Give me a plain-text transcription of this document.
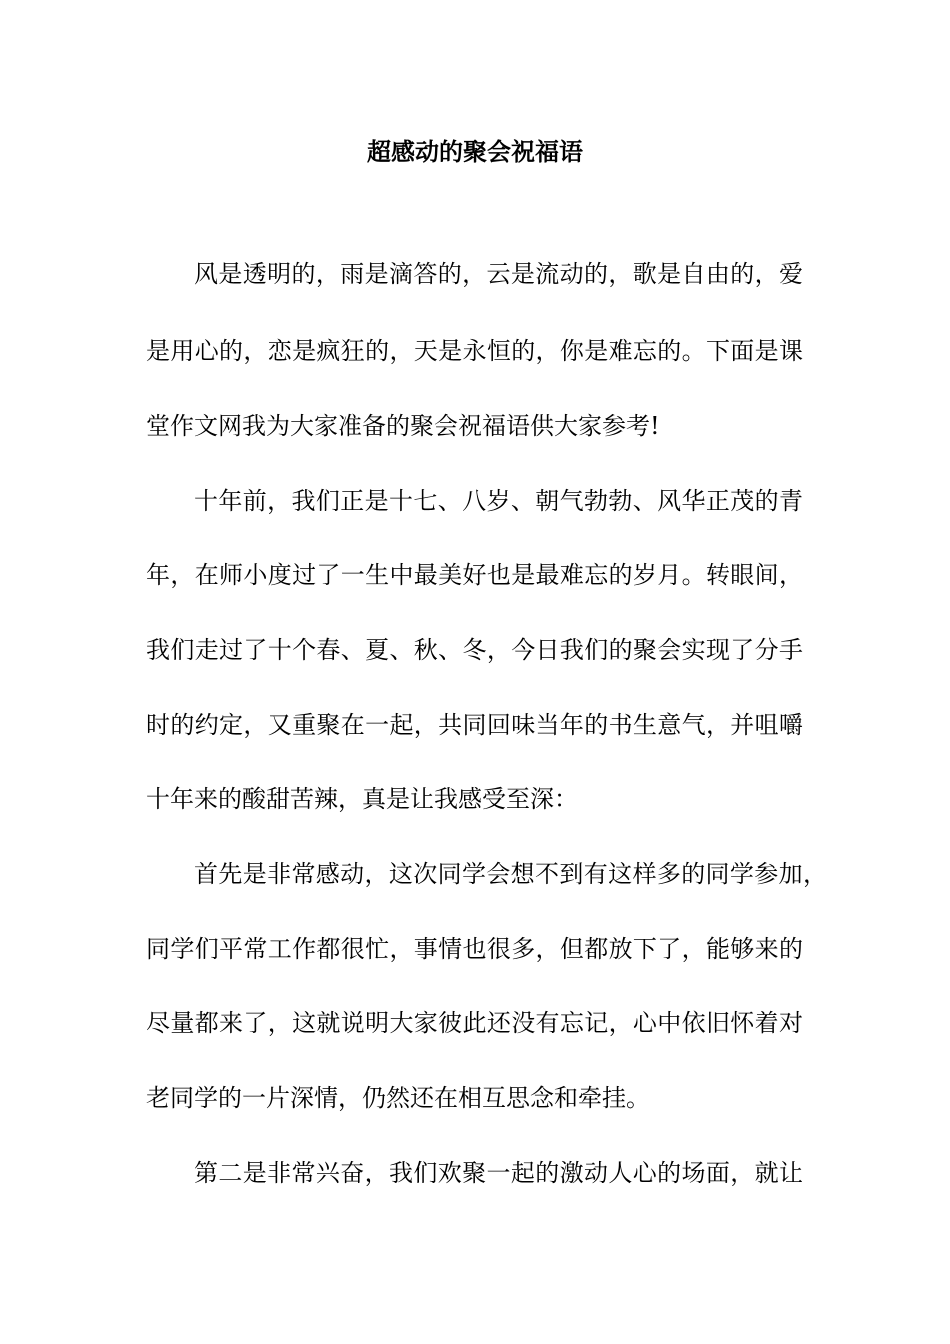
超感动的聚会祝福语

风是透明的，雨是滴答的，云是流动的，歌是自由的，爱

是用心的，恋是疯狂的，天是永恒的，你是难忘的。下面是课

堂作文网我为大家准备的聚会祝福语供大家参考!

十年前，我们正是十七、八岁、朝气勃勃、风华正茂的青

年，在师小度过了一生中最美好也是最难忘的岁月。转眼间，

我们走过了十个春、夏、秋、冬，今日我们的聚会实现了分手

时的约定，又重聚在一起，共同回味当年的书生意气，并咀嚼

十年来的酸甜苦辣，真是让我感受至深：

首先是非常感动，这次同学会想不到有这样多的同学参加，

同学们平常工作都很忙，事情也很多，但都放下了，能够来的

尽量都来了，这就说明大家彼此还没有忘记，心中依旧怀着对

老同学的一片深情，仍然还在相互思念和牵挂。

第二是非常兴奋，我们欢聚一起的激动人心的场面，就让
